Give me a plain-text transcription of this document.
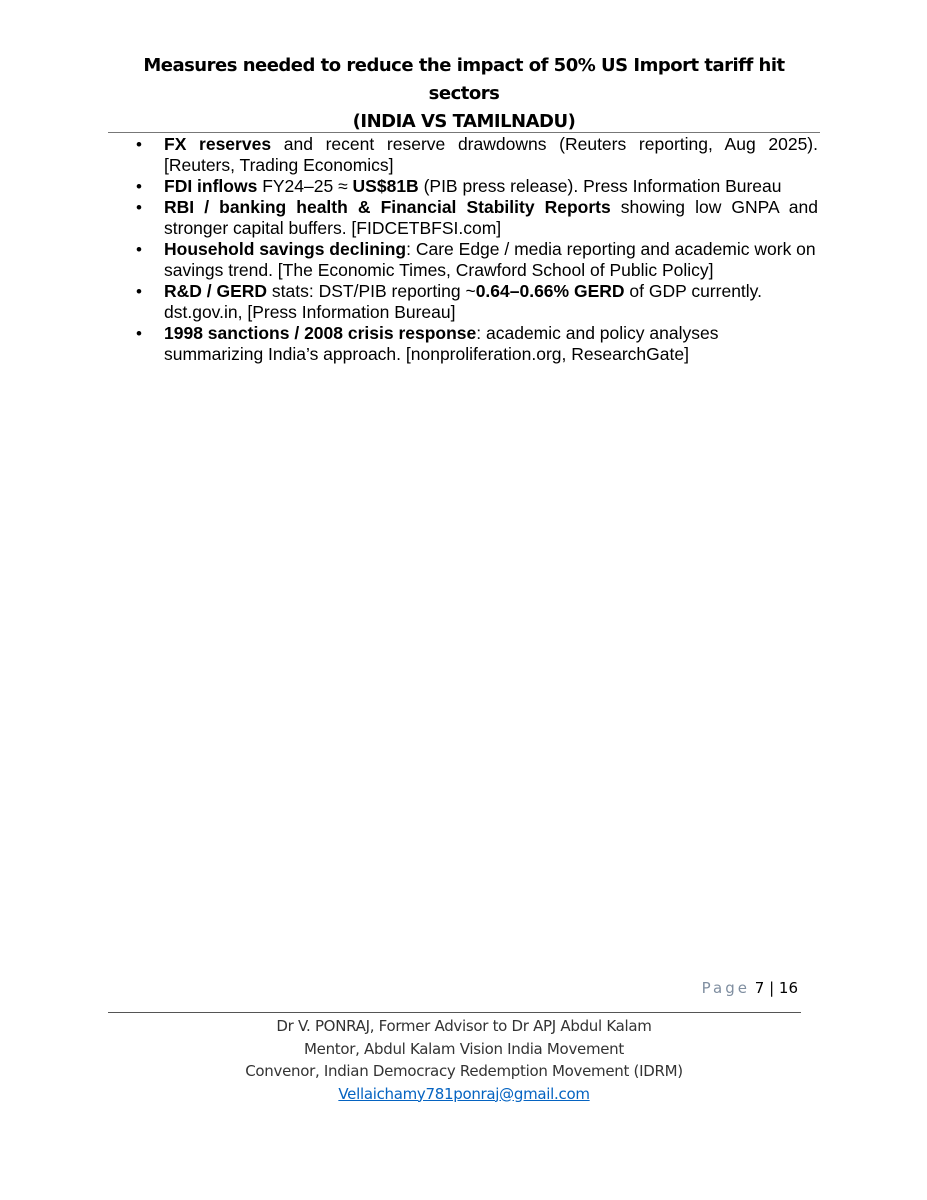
Measures needed to reduce the impact of 50% US Import tariff hit sectors
(INDIA VS TAMILNADU)
• FX reserves and recent reserve drawdowns (Reuters reporting, Aug 2025). [Reuters, Trading Economics]
• FDI inflows FY24–25 ≈ US$81B (PIB press release). Press Information Bureau
• RBI / banking health & Financial Stability Reports showing low GNPA and stronger capital buffers. [FIDCETBFSI.com]
• Household savings declining: Care Edge / media reporting and academic work on savings trend. [The Economic Times, Crawford School of Public Policy]
• R&D / GERD stats: DST/PIB reporting ~0.64–0.66% GERD of GDP currently. dst.gov.in, [Press Information Bureau]
• 1998 sanctions / 2008 crisis response: academic and policy analyses summarizing India’s approach. [nonproliferation.org, ResearchGate]
Page 7 | 16
Dr V. PONRAJ, Former Advisor to Dr APJ Abdul Kalam
Mentor, Abdul Kalam Vision India Movement
Convenor, Indian Democracy Redemption Movement (IDRM)
Vellaichamy781ponraj@gmail.com
